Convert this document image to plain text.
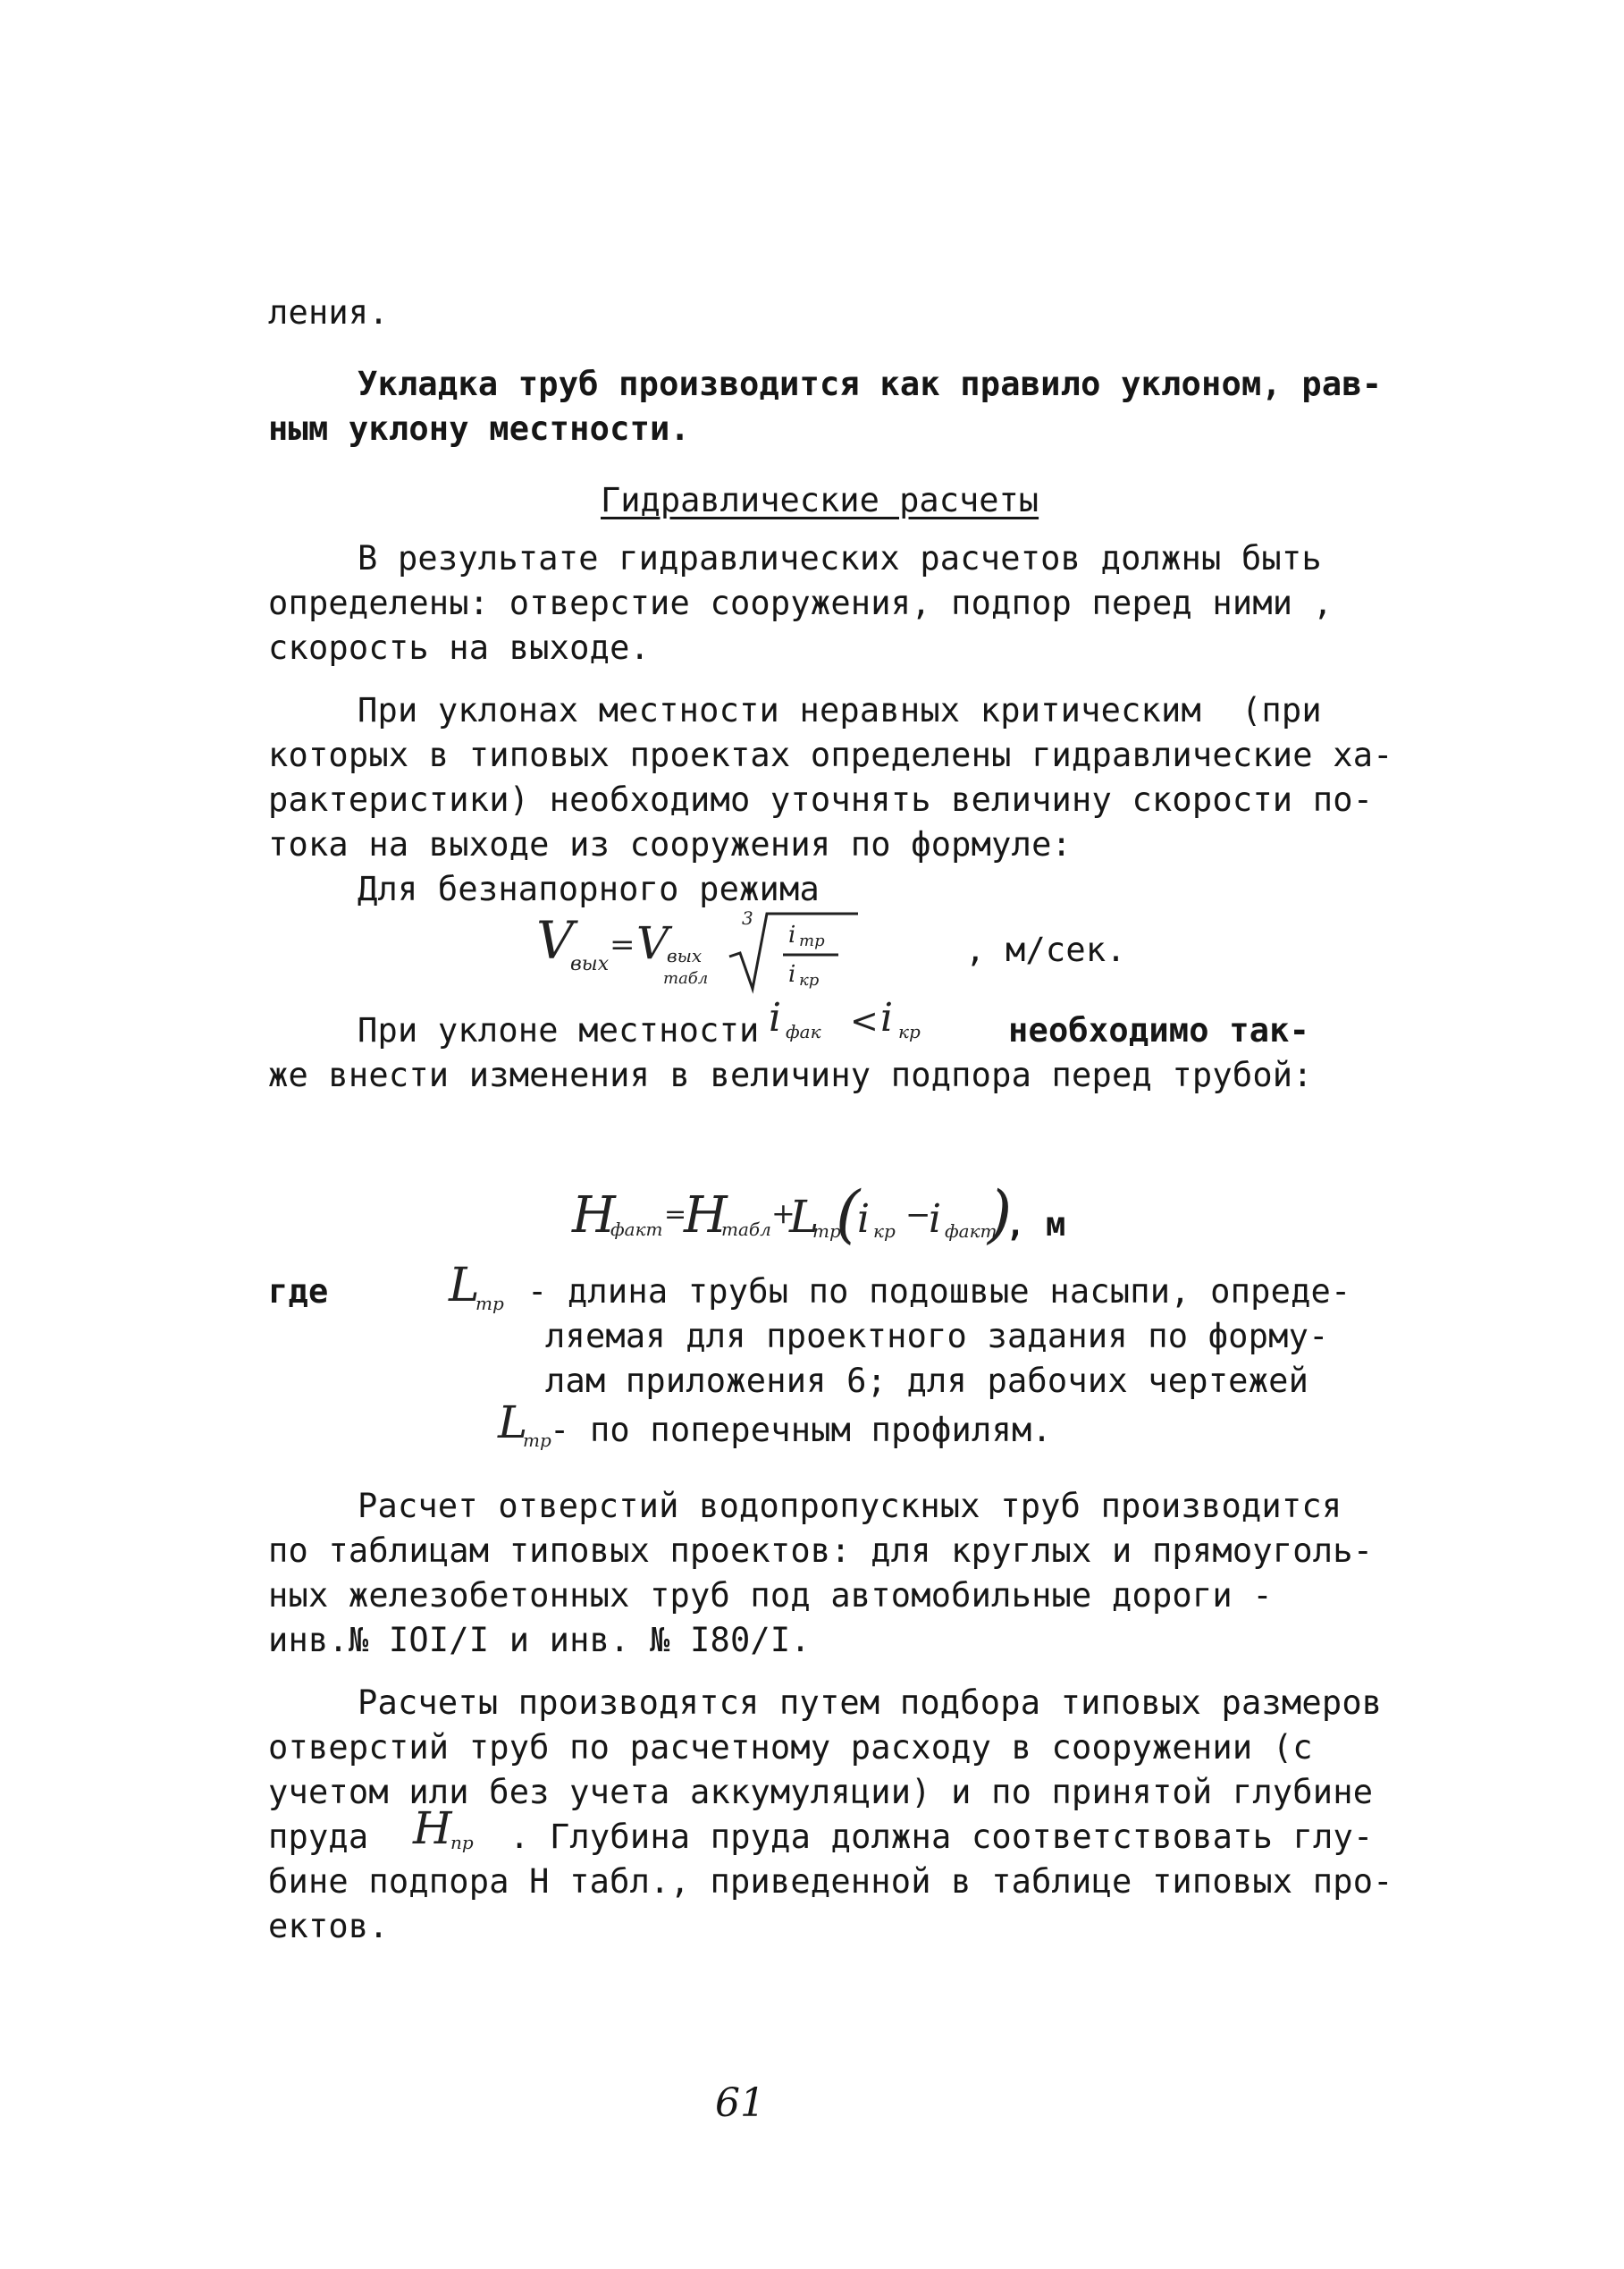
ления.
Укладка труб производится как правило уклоном, рав-
ным уклону местности.
Гидравлические расчеты
В результате гидравлических расчетов должны быть
определены: отверстие сооружения, подпор перед ними ,
скорость на выходе.
При уклонах местности неравных критическим  (при
которых в типовых проектах определены гидравлические ха-
рактеристики) необходимо уточнять величину скорости по-
тока на выходе из сооружения по формуле:
Для безнапорного режима
V
вых
= V
вых
табл
3
i тр
i кр
, м/сек.
При уклоне местности i фак < i кр	необходимо так-
же внести изменения в величину подпора перед трубой:
H
факт =
H
табл +
L
тр
(
i кр −
i факт
)
, м
где	L
тр - длина трубы по подошвые насыпи, опреде-
ляемая для проектного задания по форму-
лам приложения 6; для рабочих чертежей
L
тр
- по поперечным профилям.
Расчет отверстий водопропускных труб производится
по таблицам типовых проектов: для круглых и прямоуголь-
ных железобетонных труб под автомобильные дороги -
инв.№ IOI/I и инв. № I80/I.
Расчеты производятся путем подбора типовых размеров
отверстий труб по расчетному расходу в сооружении (с
учетом или без учета аккумуляции) и по принятой глубине
пруда H
пр . Глубина пруда должна соответствовать глу-
бине подпора Н табл., приведенной в таблице типовых про-
ектов.
61
